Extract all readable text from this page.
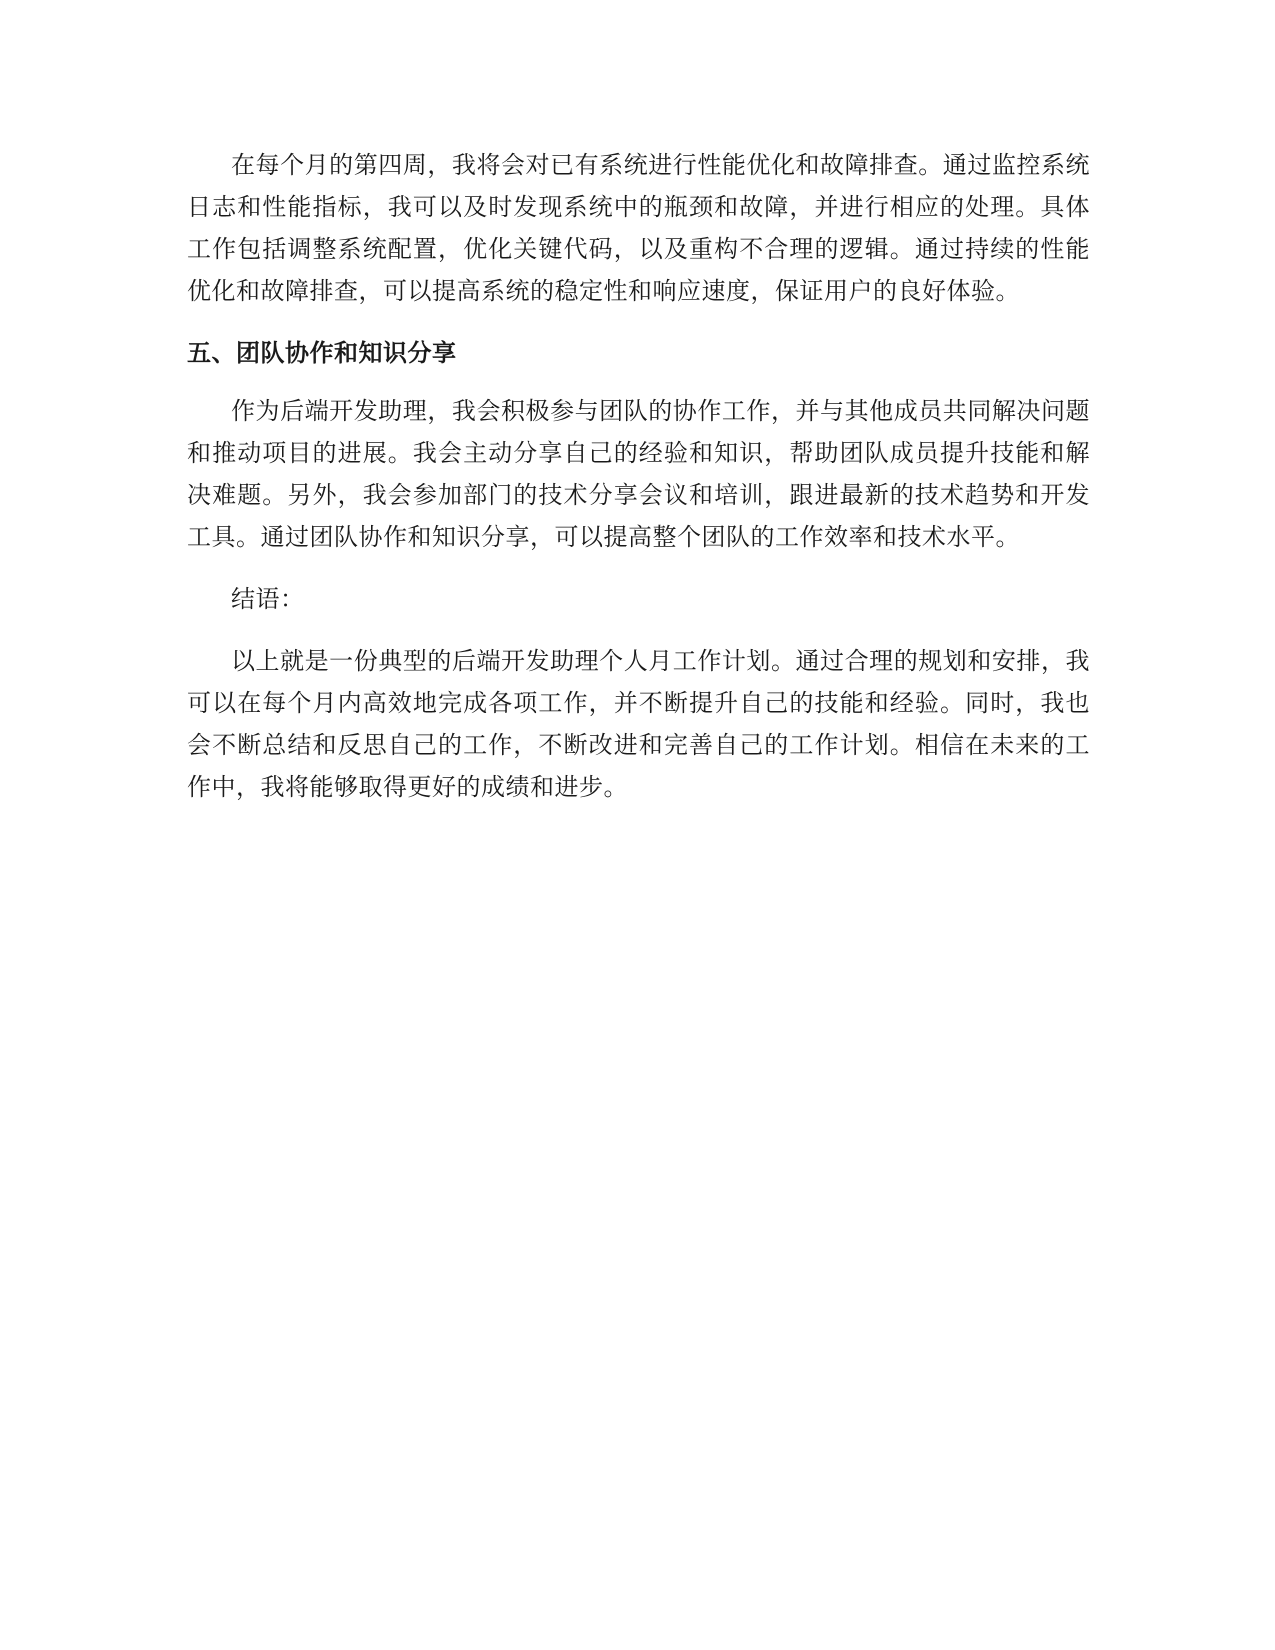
在每个月的第四周，我将会对已有系统进行性能优化和故障排查。通过监控系统日志和性能指标，我可以及时发现系统中的瓶颈和故障，并进行相应的处理。具体工作包括调整系统配置，优化关键代码，以及重构不合理的逻辑。通过持续的性能优化和故障排查，可以提高系统的稳定性和响应速度，保证用户的良好体验。

五、团队协作和知识分享

作为后端开发助理，我会积极参与团队的协作工作，并与其他成员共同解决问题和推动项目的进展。我会主动分享自己的经验和知识，帮助团队成员提升技能和解决难题。另外，我会参加部门的技术分享会议和培训，跟进最新的技术趋势和开发工具。通过团队协作和知识分享，可以提高整个团队的工作效率和技术水平。

结语：

以上就是一份典型的后端开发助理个人月工作计划。通过合理的规划和安排，我可以在每个月内高效地完成各项工作，并不断提升自己的技能和经验。同时，我也会不断总结和反思自己的工作，不断改进和完善自己的工作计划。相信在未来的工作中，我将能够取得更好的成绩和进步。
